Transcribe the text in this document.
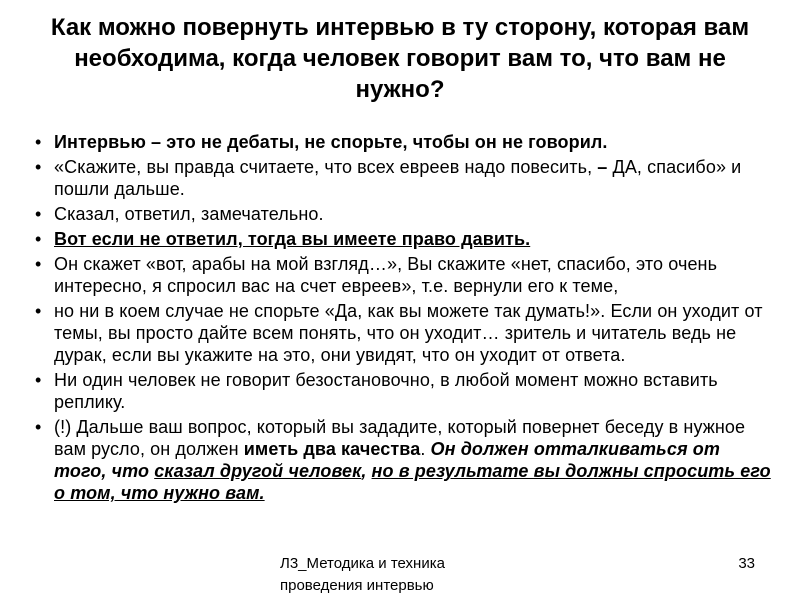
Как можно повернуть интервью в ту сторону, которая вам необходима, когда человек говорит вам то, что вам не нужно?
• Интервью – это не дебаты, не спорьте, чтобы он не говорил.
• «Скажите, вы правда считаете, что всех евреев надо повесить, – ДА, спасибо» и пошли дальше.
• Сказал, ответил, замечательно.
• Вот если не ответил, тогда вы имеете право давить.
• Он скажет «вот, арабы на мой взгляд…», Вы скажите «нет, спасибо, это очень интересно, я спросил вас на счет евреев», т.е. вернули его к теме,
• но ни в коем случае не спорьте «Да, как вы можете так думать!». Если он уходит от темы, вы просто дайте всем понять, что он уходит… зритель и читатель ведь не дурак, если вы укажите на это, они увидят, что он уходит от ответа.
• Ни один человек не говорит безостановочно, в любой момент можно вставить реплику.
• (!) Дальше ваш вопрос, который вы зададите, который повернет беседу в нужное вам русло, он должен иметь два качества. Он должен отталкиваться от того, что сказал другой человек, но в результате вы должны спросить его о том, что нужно вам.
Л3_Методика и техника проведения интервью
33
